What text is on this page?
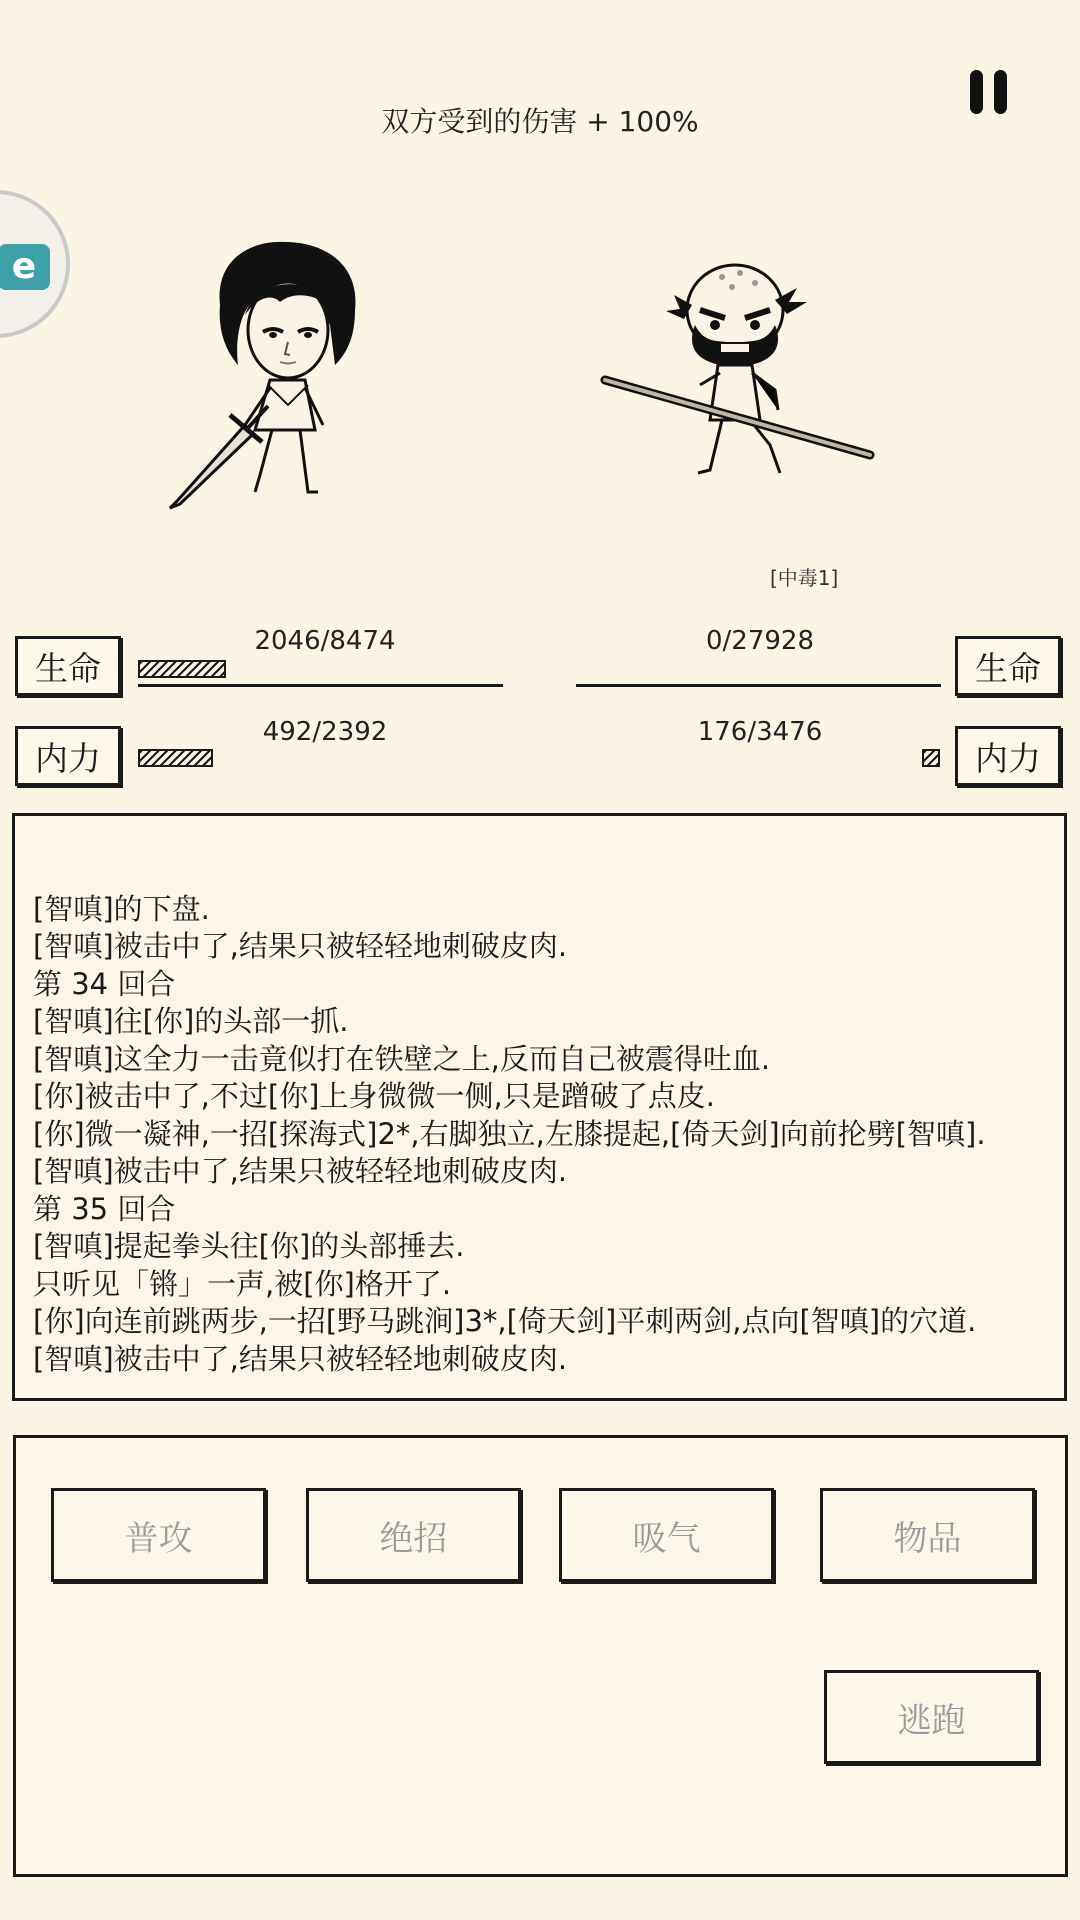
双方受到的伤害 + 100%
e
[中毒1]
生命
2046/8474
内力
492/2392
生命
0/27928
内力
176/3476
[智嗔]的下盘.
[智嗔]被击中了,结果只被轻轻地刺破皮肉.
第 34 回合
[智嗔]往[你]的头部一抓.
[智嗔]这全力一击竟似打在铁壁之上,反而自己被震得吐血.
[你]被击中了,不过[你]上身微微一侧,只是蹭破了点皮.
[你]微一凝神,一招[探海式]2*,右脚独立,左膝提起,[倚天剑]向前抡劈[智嗔].
[智嗔]被击中了,结果只被轻轻地刺破皮肉.
第 35 回合
[智嗔]提起拳头往[你]的头部捶去.
只听见「锵」一声,被[你]格开了.
[你]向连前跳两步,一招[野马跳涧]3*,[倚天剑]平刺两剑,点向[智嗔]的穴道.
[智嗔]被击中了,结果只被轻轻地刺破皮肉.
普攻	绝招	吸气	物品
逃跑
